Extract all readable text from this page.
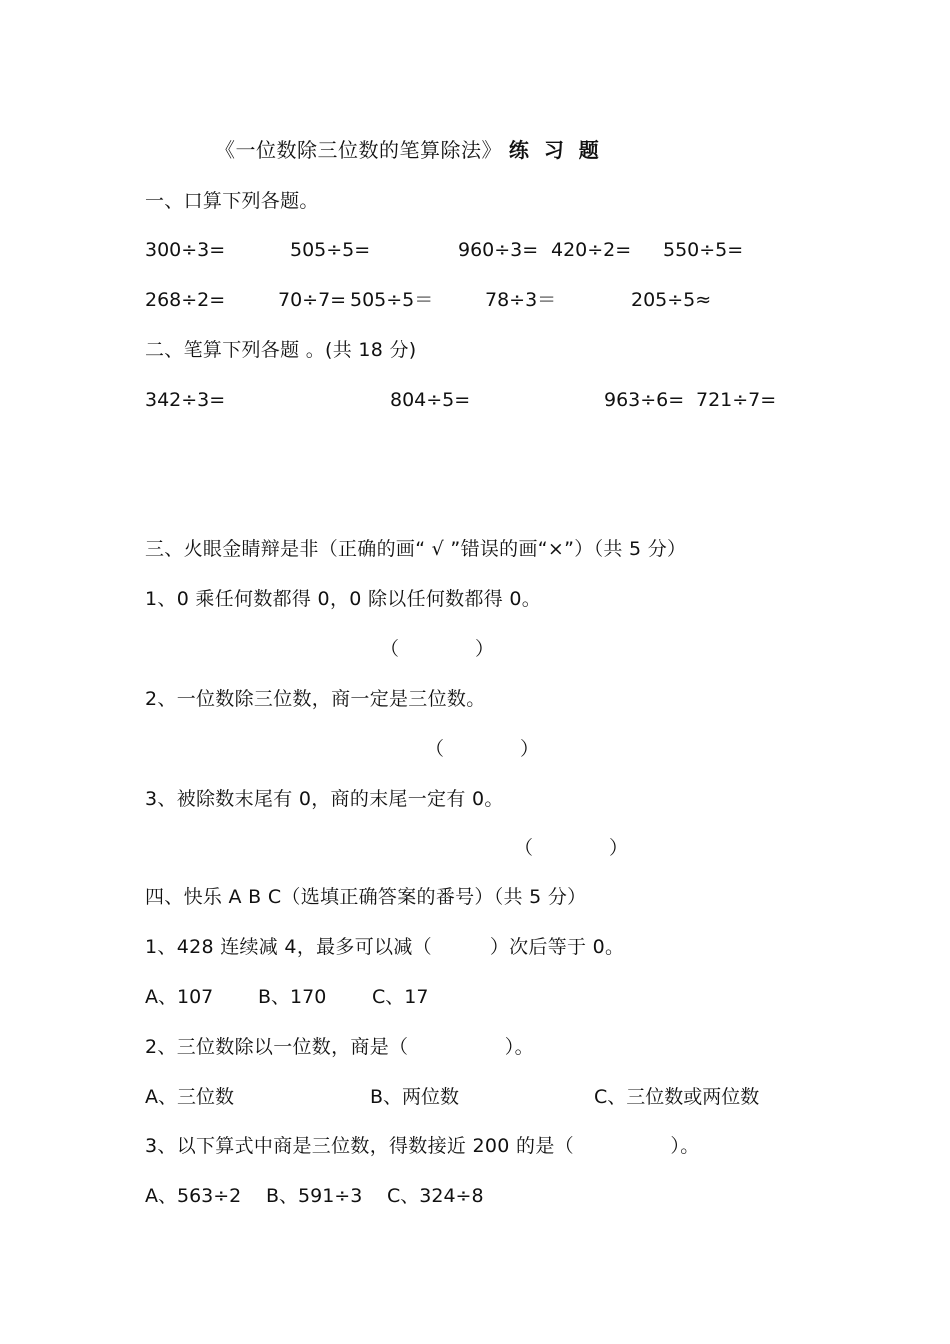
《一位数除三位数的笔算除法》 练 习 题
一、口算下列各题。
300÷3=	505÷5=	960÷3= 420÷2= 550÷5=
268÷2=	70÷7= 505÷5＝	78÷3＝	205÷5≈
二、笔算下列各题 。(共 18 分)
342÷3=	804÷5=	963÷6= 721÷7=
三、火眼金睛辩是非（正确的画“ √ ”错误的画“×”）（共 5 分）
1、0 乘任何数都得 0，0 除以任何数都得 0。
（　　　　）
2、一位数除三位数，商一定是三位数。
（　　　　）
3、被除数末尾有 0，商的末尾一定有 0。
（　　　　）
四、快乐 A B C（选填正确答案的番号）（共 5 分）
1、428 连续减 4，最多可以减（　　　）次后等于 0。
A、107 B、170 C、17
2、三位数除以一位数，商是（　　　　　）。
A、三位数	B、两位数	C、三位数或两位数
3、以下算式中商是三位数，得数接近 200 的是（　　　　　）。
A、563÷2 B、591÷3 C、324÷8
